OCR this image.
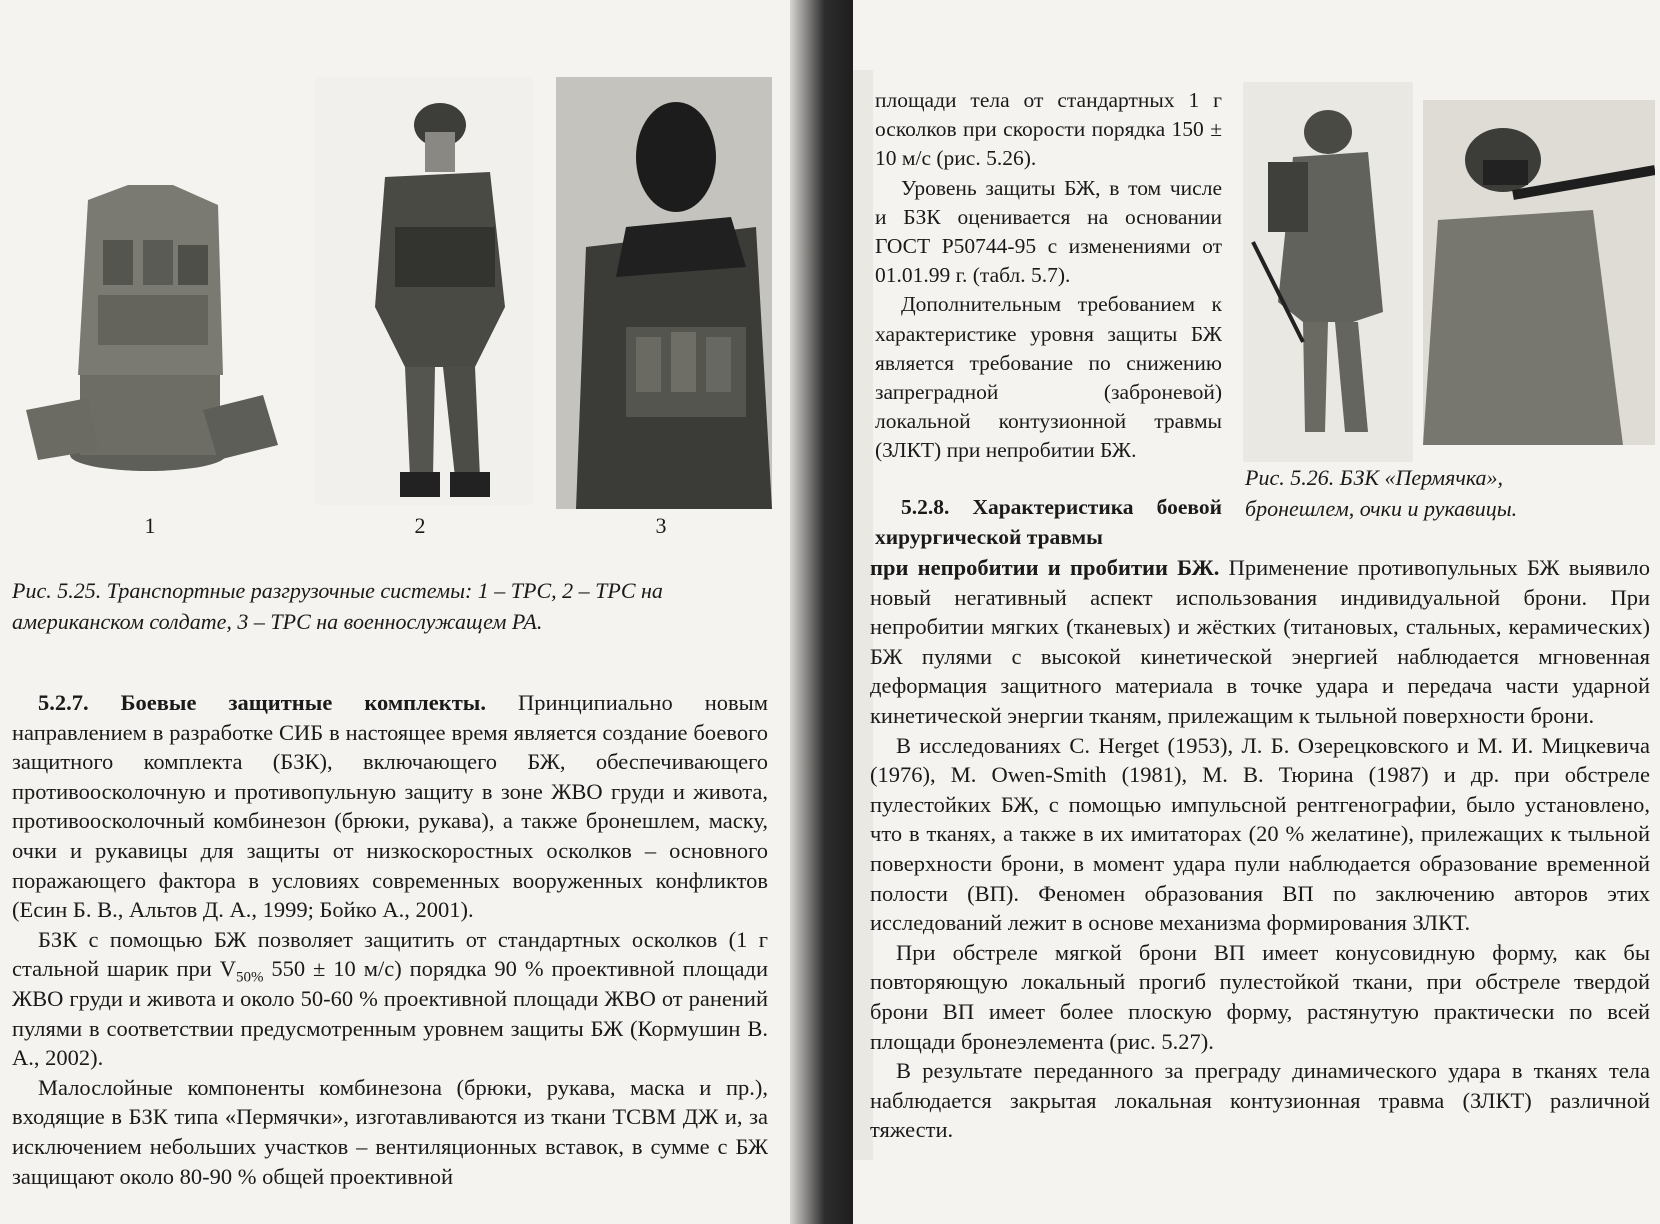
1	2	3
Рис. 5.25. Транспортные разгрузочные системы: 1 – ТРС, 2 – ТРС на
американском солдате, 3 – ТРС на военнослужащем РА.

5.2.7. Боевые защитные комплекты. Принципиально новым направлением в разработке СИБ в настоящее время является создание боевого защитного комплекта (БЗК), включающего БЖ, обеспечивающего противоосколочную и противопульную защиту в зоне ЖВО груди и живота, противоосколочный комбинезон (брюки, рукава), а также бронешлем, маску, очки и рукавицы для защиты от низкоскоростных осколков – основного поражающего фактора в условиях современных вооруженных конфликтов (Есин Б. В., Альтов Д. А., 1999; Бойко А., 2001).

БЗК с помощью БЖ позволяет защитить от стандартных осколков (1 г стальной шарик при $V_{50\%}$ 550 ± 10 м/с) порядка 90 % проективной площади ЖВО груди и живота и около 50-60 % проективной площади ЖВО от ранений пулями в соответствии предусмотренным уровнем защиты БЖ (Кормушин В. А., 2002).

Малослойные компоненты комбинезона (брюки, рукава, маска и пр.), входящие в БЗК типа «Пермячки», изготавливаются из ткани ТСВМ ДЖ и, за исключением небольших участков – вентиляционных вставок, в сумме с БЖ защищают около 80-90 % общей проективной

площади тела от стандартных 1 г осколков при скорости порядка 150 ± 10 м/с (рис. 5.26).

Уровень защиты БЖ, в том числе и БЗК оценивается на основании ГОСТ Р50744-95 с изменениями от 01.01.99 г. (табл. 5.7).

Дополнительным требованием к характеристике уровня защиты БЖ является требование по снижению запреградной (заброневой) локальной контузионной травмы (ЗЛКТ) при непробитии БЖ.

Рис. 5.26. БЗК «Пермячка»,
бронешлем, очки и рукавицы.

5.2.8. Характеристика боевой хирургической травмы

при непробитии и пробитии БЖ. Применение противопульных БЖ выявило новый негативный аспект использования индивидуальной брони. При непробитии мягких (тканевых) и жёстких (титановых, стальных, керамических) БЖ пулями с высокой кинетической энергией наблюдается мгновенная деформация защитного материала в точке удара и передача части ударной кинетической энергии тканям, прилежащим к тыльной поверхности брони.

В исследованиях C. Herget (1953), Л. Б. Озерецковского и М. И. Мицкевича (1976), M. Owen-Smith (1981), М. В. Тюрина (1987) и др. при обстреле пулестойких БЖ, с помощью импульсной рентгенографии, было установлено, что в тканях, а также в их имитаторах (20 % желатине), прилежащих к тыльной поверхности брони, в момент удара пули наблюдается образование временной полости (ВП). Феномен образования ВП по заключению авторов этих исследований лежит в основе механизма формирования ЗЛКТ.

При обстреле мягкой брони ВП имеет конусовидную форму, как бы повторяющую локальный прогиб пулестойкой ткани, при обстреле твердой брони ВП имеет более плоскую форму, растянутую практически по всей площади бронеэлемента (рис. 5.27).

В результате переданного за преграду динамического удара в тканях тела наблюдается закрытая локальная контузионная травма (ЗЛКТ) различной тяжести.
